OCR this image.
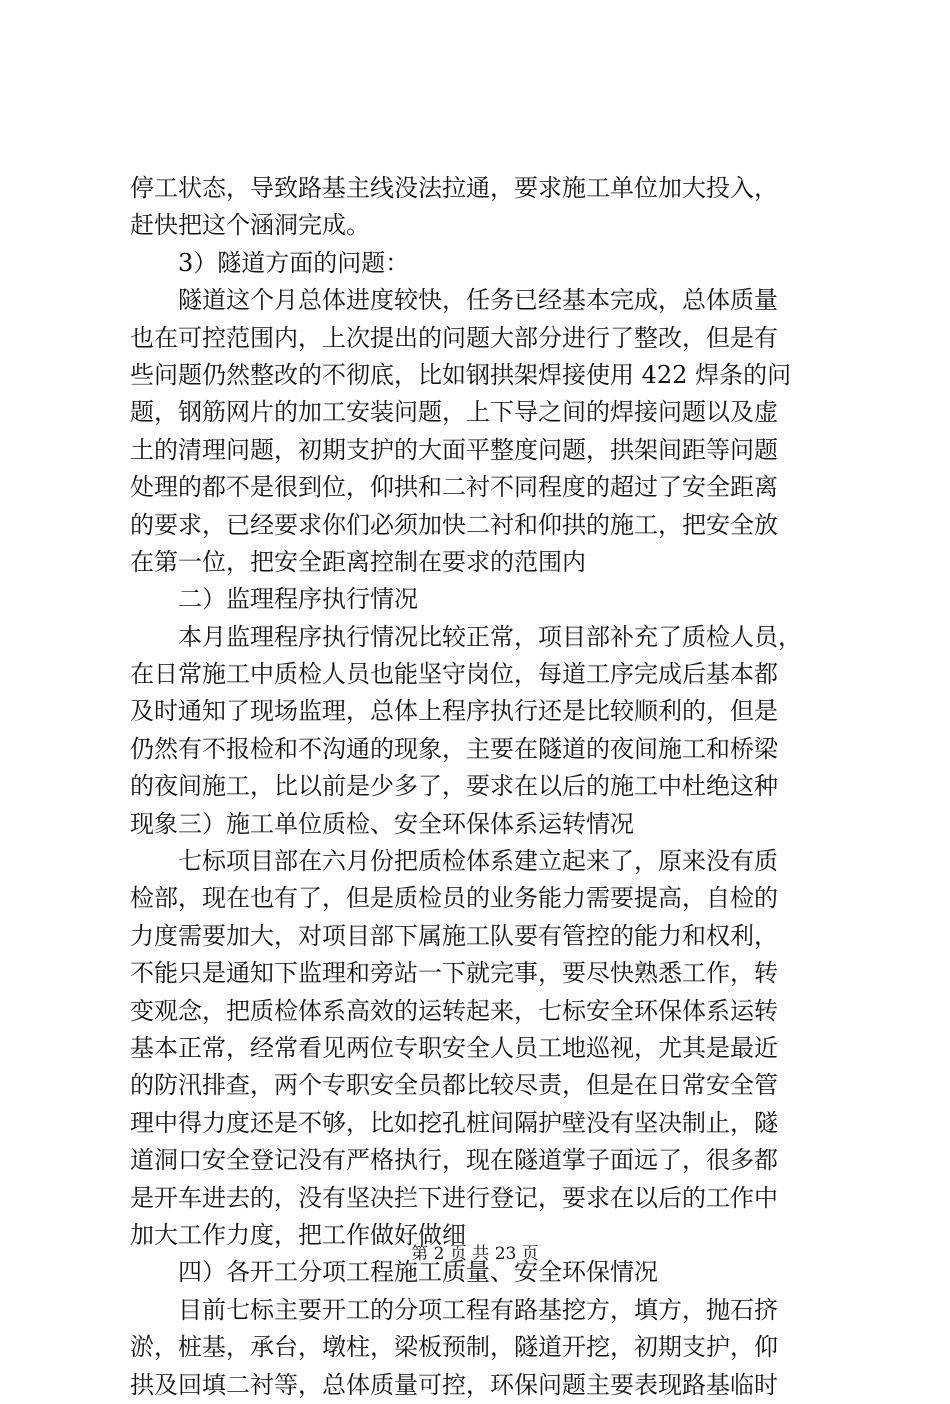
停工状态，导致路基主线没法拉通，要求施工单位加大投入，
赶快把这个涵洞完成。
3）隧道方面的问题：
隧道这个月总体进度较快，任务已经基本完成，总体质量
也在可控范围内，上次提出的问题大部分进行了整改，但是有
些问题仍然整改的不彻底，比如钢拱架焊接使用 422 焊条的问
题，钢筋网片的加工安装问题，上下导之间的焊接问题以及虚
土的清理问题，初期支护的大面平整度问题，拱架间距等问题
处理的都不是很到位，仰拱和二衬不同程度的超过了安全距离
的要求，已经要求你们必须加快二衬和仰拱的施工，把安全放
在第一位，把安全距离控制在要求的范围内
二）监理程序执行情况
本月监理程序执行情况比较正常，项目部补充了质检人员，
在日常施工中质检人员也能坚守岗位，每道工序完成后基本都
及时通知了现场监理，总体上程序执行还是比较顺利的，但是
仍然有不报检和不沟通的现象，主要在隧道的夜间施工和桥梁
的夜间施工，比以前是少多了，要求在以后的施工中杜绝这种
现象三）施工单位质检、安全环保体系运转情况
七标项目部在六月份把质检体系建立起来了，原来没有质
检部，现在也有了，但是质检员的业务能力需要提高，自检的
力度需要加大，对项目部下属施工队要有管控的能力和权利，
不能只是通知下监理和旁站一下就完事，要尽快熟悉工作，转
变观念，把质检体系高效的运转起来，七标安全环保体系运转
基本正常，经常看见两位专职安全人员工地巡视，尤其是最近
的防汛排查，两个专职安全员都比较尽责，但是在日常安全管
理中得力度还是不够，比如挖孔桩间隔护壁没有坚决制止，隧
道洞口安全登记没有严格执行，现在隧道掌子面远了，很多都
是开车进去的，没有坚决拦下进行登记，要求在以后的工作中
加大工作力度，把工作做好做细
四）各开工分项工程施工质量、安全环保情况
目前七标主要开工的分项工程有路基挖方，填方，抛石挤
淤，桩基，承台，墩柱，梁板预制，隧道开挖，初期支护，仰
拱及回填二衬等，总体质量可控，环保问题主要表现路基临时
第 2 页 共 23 页
